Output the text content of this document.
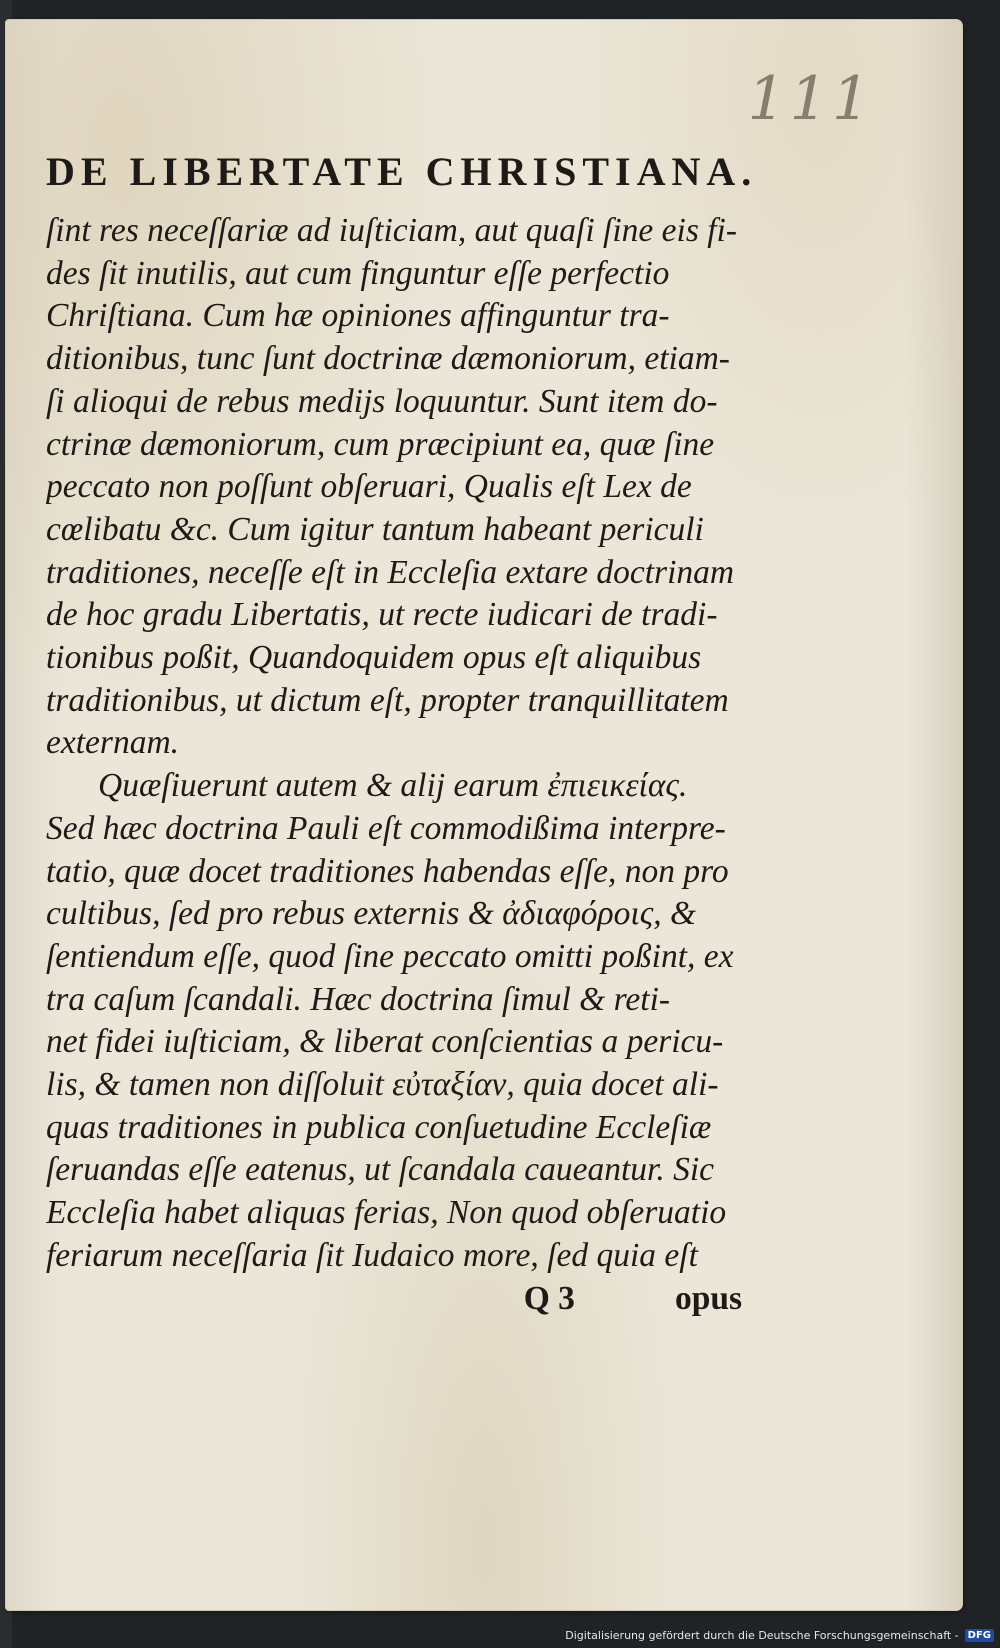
111
DE LIBERTATE CHRISTIANA.
ſint res neceſſariæ ad iuſticiam, aut quaſi ſine eis fi-
des ſit inutilis, aut cum finguntur eſſe perfectio
Chriſtiana. Cum hæ opiniones affinguntur tra-
ditionibus, tunc ſunt doctrinæ dæmoniorum, etiam-
ſi alioqui de rebus medijs loquuntur. Sunt item do-
ctrinæ dæmoniorum, cum præcipiunt ea, quæ ſine
peccato non poſſunt obſeruari, Qualis eſt Lex de
cœlibatu &c. Cum igitur tantum habeant periculi
traditiones, neceſſe eſt in Eccleſia extare doctrinam
de hoc gradu Libertatis, ut recte iudicari de tradi-
tionibus poßit, Quandoquidem opus eſt aliquibus
traditionibus, ut dictum eſt, propter tranquillitatem
externam.
Quæſiuerunt autem & alij earum ἐπιεικείας.
Sed hæc doctrina Pauli eſt commodißima interpre-
tatio, quæ docet traditiones habendas eſſe, non pro
cultibus, ſed pro rebus externis & ἀδιαφόροις, &
ſentiendum eſſe, quod ſine peccato omitti poßint, ex
tra caſum ſcandali. Hæc doctrina ſimul & reti-
net fidei iuſticiam, & liberat conſcientias a pericu-
lis, & tamen non diſſoluit εὐταξίαν, quia docet ali-
quas traditiones in publica conſuetudine Eccleſiæ
ſeruandas eſſe eatenus, ut ſcandala caueantur. Sic
Eccleſia habet aliquas ferias, Non quod obſeruatio
feriarum neceſſaria ſit Iudaico more, ſed quia eſt
Q 3	opus
Digitalisierung gefördert durch die Deutsche Forschungsgemeinschaft - DFG
